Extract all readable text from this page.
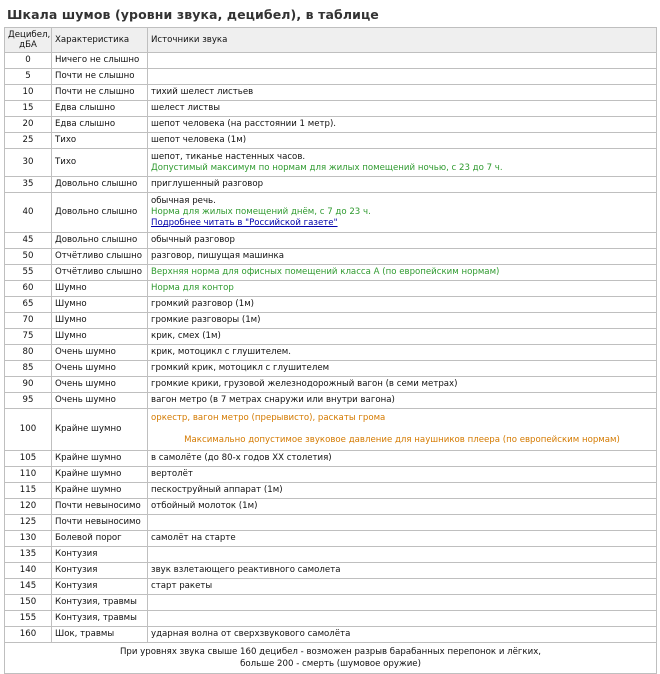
Шкала шумов (уровни звука, децибел), в таблице
Децибел, дБА	Характеристика	Источники звука
0	Ничего не слышно	
5	Почти не слышно	
10	Почти не слышно	тихий шелест листьев

15	Едва слышно	шелест листвы

20	Едва слышно	шепот человека (на расстоянии 1 метр).

25	Тихо	шепот человека (1м)

30	Тихо	шепот, тиканье настенных часов.
Допустимый максимум по нормам для жилых помещений ночью, с 23 до 7 ч.

35	Довольно слышно	приглушенный разговор

40	Довольно слышно	обычная речь.
Норма для жилых помещений днём, с 7 до 23 ч.
Подробнее читать в "Российской газете"

45	Довольно слышно	обычный разговор

50	Отчётливо слышно	разговор, пишущая машинка

55	Отчётливо слышно	Верхняя норма для офисных помещений класса А (по европейским нормам)

60	Шумно	Норма для контор

65	Шумно	громкий разговор (1м)

70	Шумно	громкие разговоры (1м)

75	Шумно	крик, смех (1м)

80	Очень шумно	крик, мотоцикл с глушителем.

85	Очень шумно	громкий крик, мотоцикл с глушителем

90	Очень шумно	громкие крики, грузовой железнодорожный вагон (в семи метрах)

95	Очень шумно	вагон метро (в 7 метрах снаружи или внутри вагона)

100	Крайне шумно	оркестр, вагон метро (прерывисто), раскаты грома

Максимально допустимое звуковое давление для наушников плеера (по европейским нормам)

105	Крайне шумно	в самолёте (до 80-х годов XX столетия)

110	Крайне шумно	вертолёт

115	Крайне шумно	пескоструйный аппарат (1м)

120	Почти невыносимо	отбойный молоток (1м)

125	Почти невыносимо	
130	Болевой порог	самолёт на старте

135	Контузия	
140	Контузия	звук взлетающего реактивного самолета

145	Контузия	старт ракеты

150	Контузия, травмы	
155	Контузия, травмы	
160	Шок, травмы	ударная волна от сверхзвукового самолёта

При уровнях звука свыше 160 децибел - возможен разрыв барабанных перепонок и лёгких,
больше 200 - смерть (шумовое оружие)		
